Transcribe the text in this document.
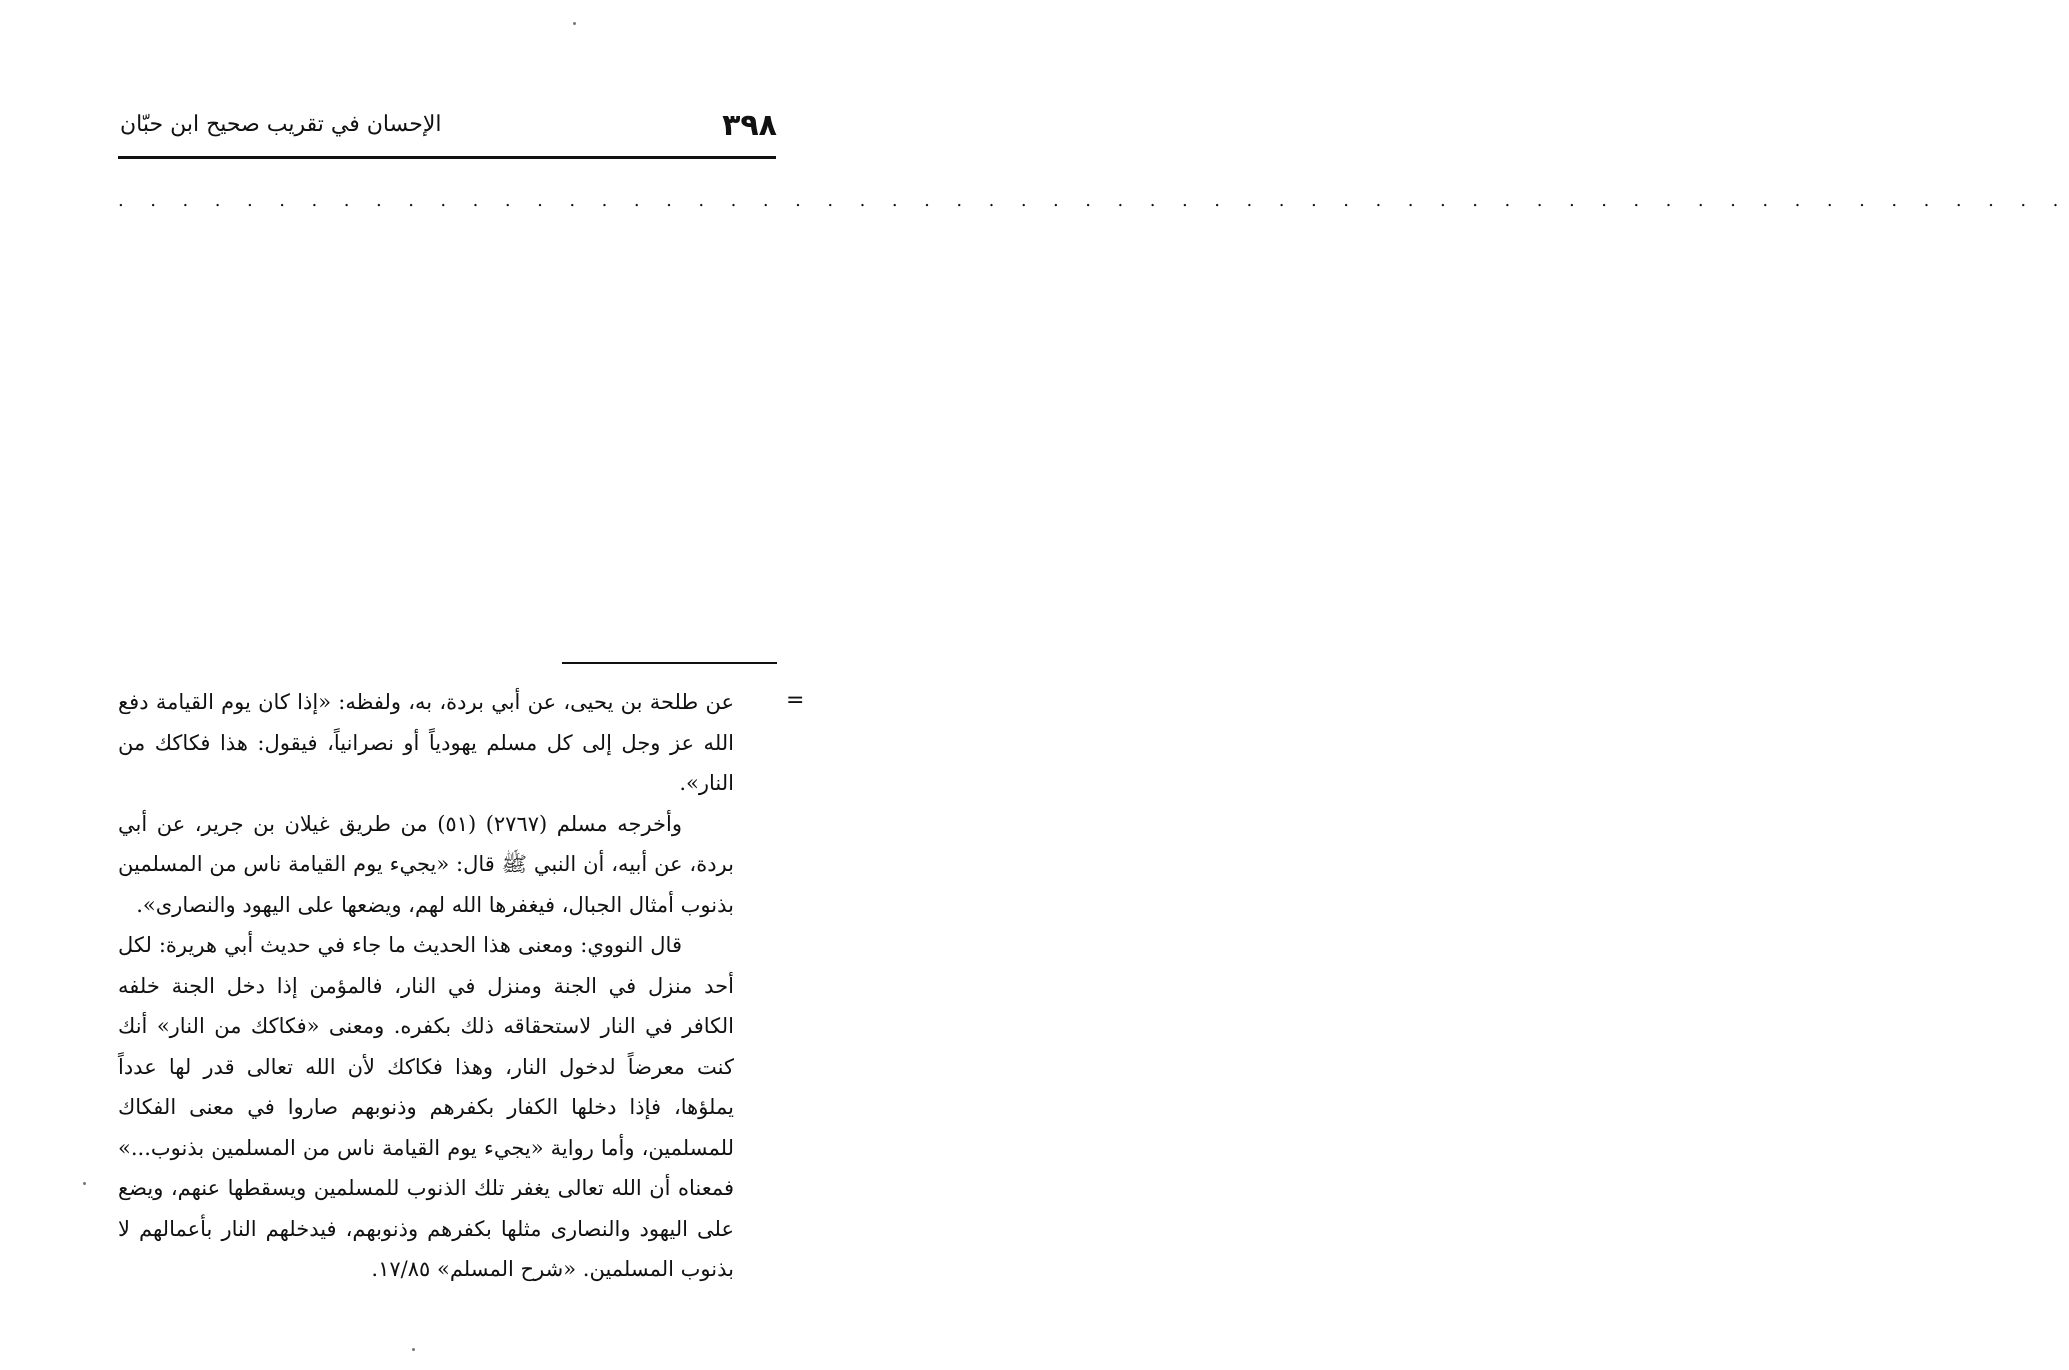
٣٩٨
الإحسان في تقريب صحيح ابن حبّان
. . . . . . . . . . . . . . . . . . . . . . . . . . . . . . . . . . . . . . . . . . . . . . . . . . . . . . . . . . . . .
=

عن طلحة بن يحيى، عن أبي بردة، به، ولفظه: «إذا كان يوم القيامة دفع الله عز وجل إلى كل مسلم يهودياً أو نصرانياً، فيقول: هذا فكاكك من النار».

وأخرجه مسلم (٢٧٦٧) (٥١) من طريق غيلان بن جرير، عن أبي بردة، عن أبيه، أن النبي ﷺ قال: «يجيء يوم القيامة ناس من المسلمين بذنوب أمثال الجبال، فيغفرها الله لهم، ويضعها على اليهود والنصارى».

قال النووي: ومعنى هذا الحديث ما جاء في حديث أبي هريرة: لكل أحد منزل في الجنة ومنزل في النار، فالمؤمن إذا دخل الجنة خلفه الكافر في النار لاستحقاقه ذلك بكفره. ومعنى «فكاكك من النار» أنك كنت معرضاً لدخول النار، وهذا فكاكك لأن الله تعالى قدر لها عدداً يملؤها، فإذا دخلها الكفار بكفرهم وذنوبهم صاروا في معنى الفكاك للمسلمين، وأما رواية «يجيء يوم القيامة ناس من المسلمين بذنوب...» فمعناه أن الله تعالى يغفر تلك الذنوب للمسلمين ويسقطها عنهم، ويضع على اليهود والنصارى مثلها بكفرهم وذنوبهم، فيدخلهم النار بأعمالهم لا بذنوب المسلمين. «شرح المسلم» ١٧/٨٥.
